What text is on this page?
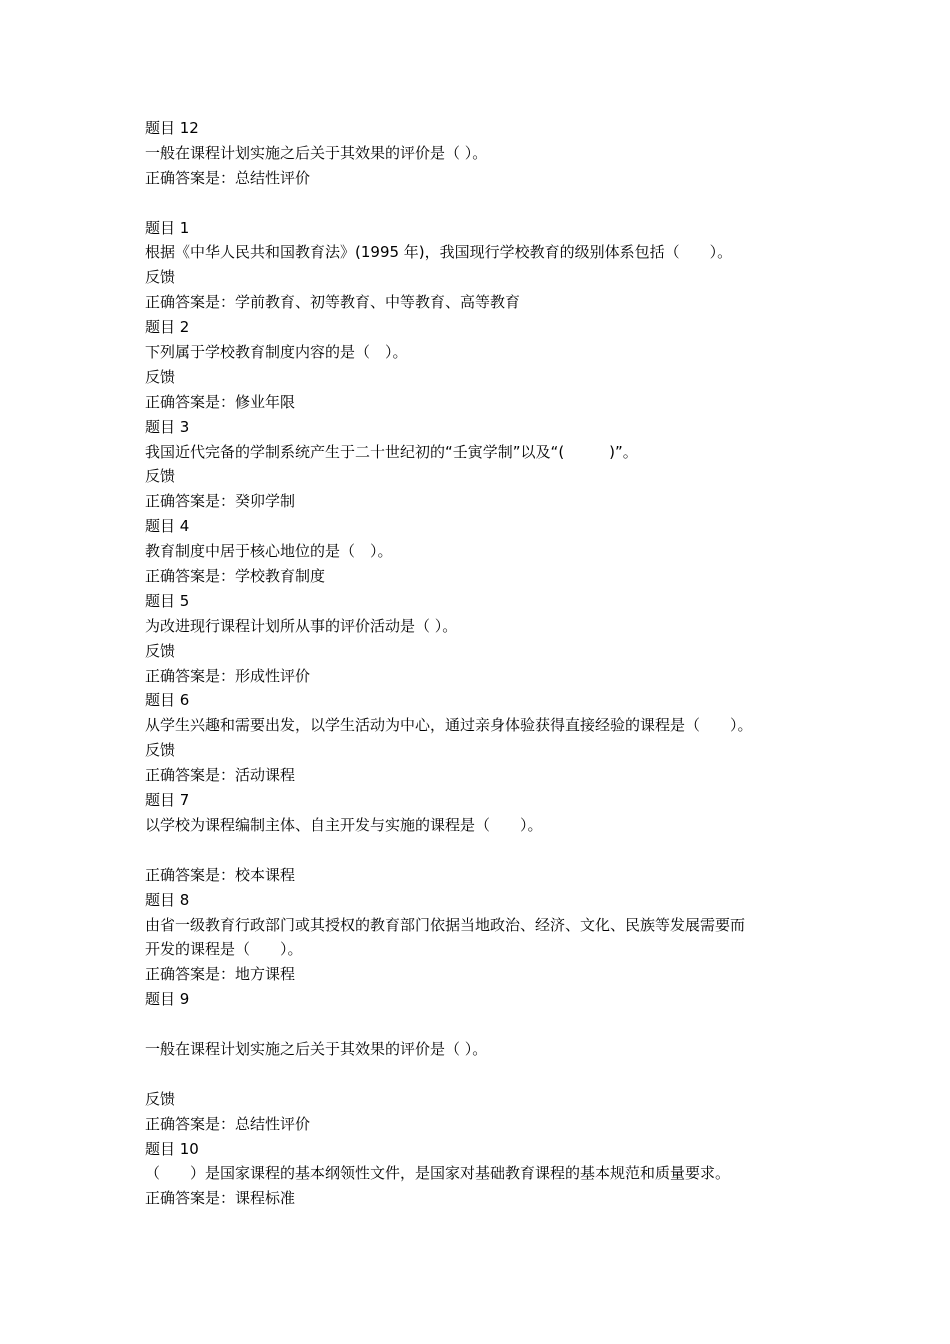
题目 12
一般在课程计划实施之后关于其效果的评价是（ ）。
正确答案是：总结性评价
题目 1
根据《中华人民共和国教育法》(1995 年)，我国现行学校教育的级别体系包括（　　）。
反馈
正确答案是：学前教育、初等教育、中等教育、高等教育
题目 2
下列属于学校教育制度内容的是（　）。
反馈
正确答案是：修业年限
题目 3
我国近代完备的学制系统产生于二十世纪初的“壬寅学制”以及“(　　　)”。
反馈
正确答案是：癸卯学制
题目 4
教育制度中居于核心地位的是（　）。
正确答案是：学校教育制度
题目 5
为改进现行课程计划所从事的评价活动是（ ）。
反馈
正确答案是：形成性评价
题目 6
从学生兴趣和需要出发，以学生活动为中心，通过亲身体验获得直接经验的课程是（　　）。
反馈
正确答案是：活动课程
题目 7
以学校为课程编制主体、自主开发与实施的课程是（　　）。
正确答案是：校本课程
题目 8
由省一级教育行政部门或其授权的教育部门依据当地政治、经济、文化、民族等发展需要而
开发的课程是（　　）。
正确答案是：地方课程
题目 9
一般在课程计划实施之后关于其效果的评价是（ ）。
反馈
正确答案是：总结性评价
题目 10
（　　）是国家课程的基本纲领性文件，是国家对基础教育课程的基本规范和质量要求。
正确答案是：课程标准
